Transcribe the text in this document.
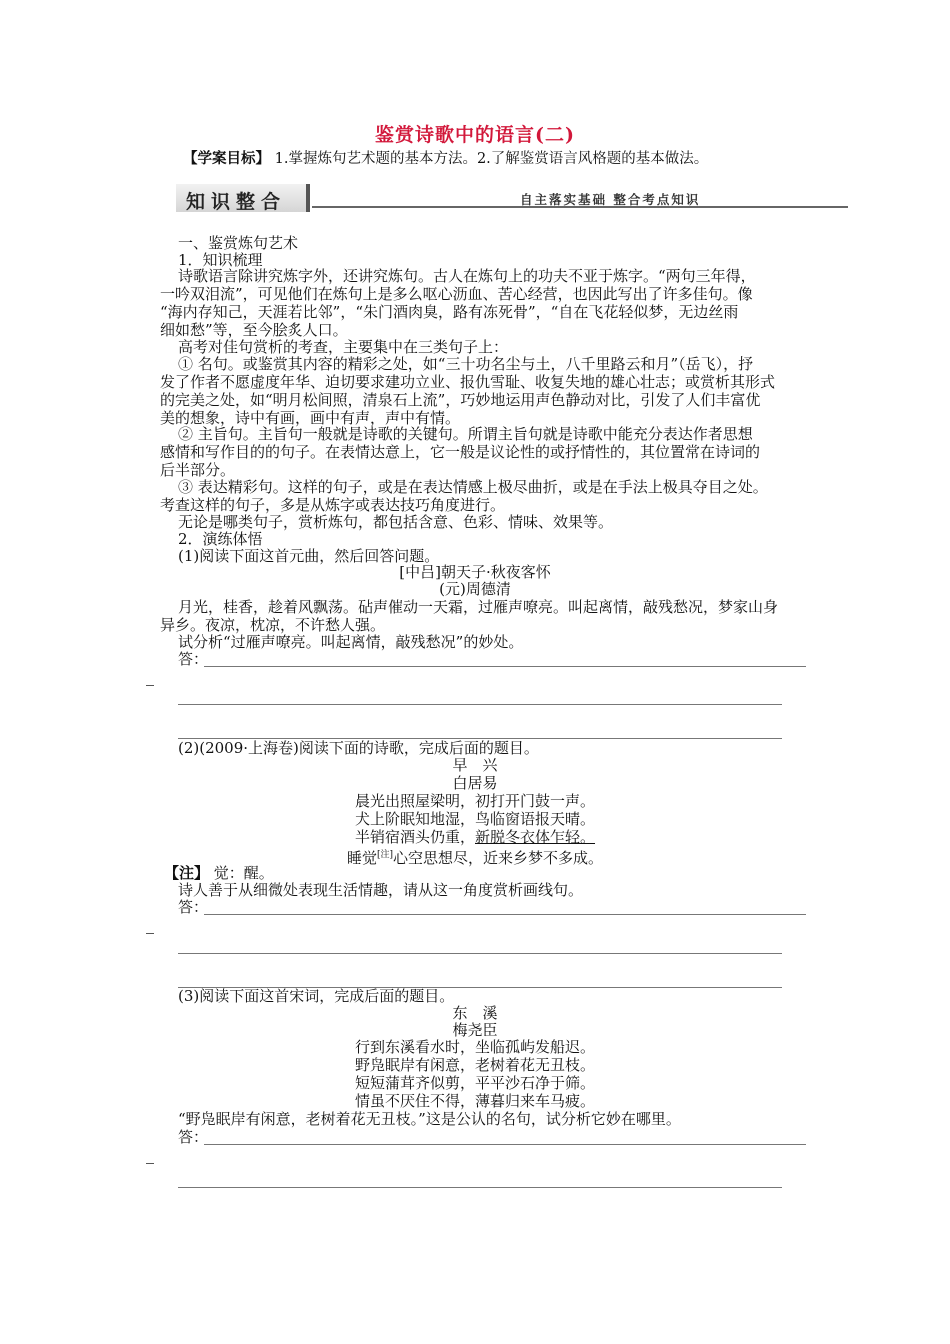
鉴赏诗歌中的语言(二)
【学案目标】 1.掌握炼句艺术题的基本方法。2.了解鉴赏语言风格题的基本做法。
知识整合	自主落实基础 整合考点知识
一、鉴赏炼句艺术
1．知识梳理
诗歌语言除讲究炼字外，还讲究炼句。古人在炼句上的功夫不亚于炼字。“两句三年得，
一吟双泪流”，可见他们在炼句上是多么呕心沥血、苦心经营，也因此写出了许多佳句。像
“海内存知己，天涯若比邻”，“朱门酒肉臭，路有冻死骨”，“自在飞花轻似梦，无边丝雨
细如愁”等，至今脍炙人口。
高考对佳句赏析的考查，主要集中在三类句子上：
① 名句。或鉴赏其内容的精彩之处，如“三十功名尘与土，八千里路云和月”（岳飞），抒
发了作者不愿虚度年华、迫切要求建功立业、报仇雪耻、收复失地的雄心壮志；或赏析其形式
的完美之处，如“明月松间照，清泉石上流”，巧妙地运用声色静动对比，引发了人们丰富优
美的想象，诗中有画，画中有声，声中有情。
② 主旨句。主旨句一般就是诗歌的关键句。所谓主旨句就是诗歌中能充分表达作者思想
感情和写作目的的句子。在表情达意上，它一般是议论性的或抒情性的，其位置常在诗词的
后半部分。
③ 表达精彩句。这样的句子，或是在表达情感上极尽曲折，或是在手法上极具夺目之处。
考查这样的句子，多是从炼字或表达技巧角度进行。
无论是哪类句子，赏析炼句，都包括含意、色彩、情味、效果等。
2．演练体悟
(1)阅读下面这首元曲，然后回答问题。
[中吕]朝天子·秋夜客怀
(元)周德清
月光，桂香，趁着风飘荡。砧声催动一天霜，过雁声嘹亮。叫起离情，敲残愁况，梦家山身
异乡。夜凉，枕凉，不许愁人强。
试分析“过雁声嘹亮。叫起离情，敲残愁况”的妙处。
答：
(2)(2009·上海卷)阅读下面的诗歌，完成后面的题目。
早　兴
白居易
晨光出照屋梁明，初打开门鼓一声。
犬上阶眠知地湿，鸟临窗语报天晴。
半销宿酒头仍重，新脱冬衣体乍轻。
睡觉[注]心空思想尽，近来乡梦不多成。
【注】 觉：醒。
诗人善于从细微处表现生活情趣，请从这一角度赏析画线句。
答：
(3)阅读下面这首宋词，完成后面的题目。
东　溪
梅尧臣
行到东溪看水时，坐临孤屿发船迟。
野凫眠岸有闲意，老树着花无丑枝。
短短蒲茸齐似剪，平平沙石净于筛。
情虽不厌住不得，薄暮归来车马疲。
“野凫眠岸有闲意，老树着花无丑枝。”这是公认的名句，试分析它妙在哪里。
答：
